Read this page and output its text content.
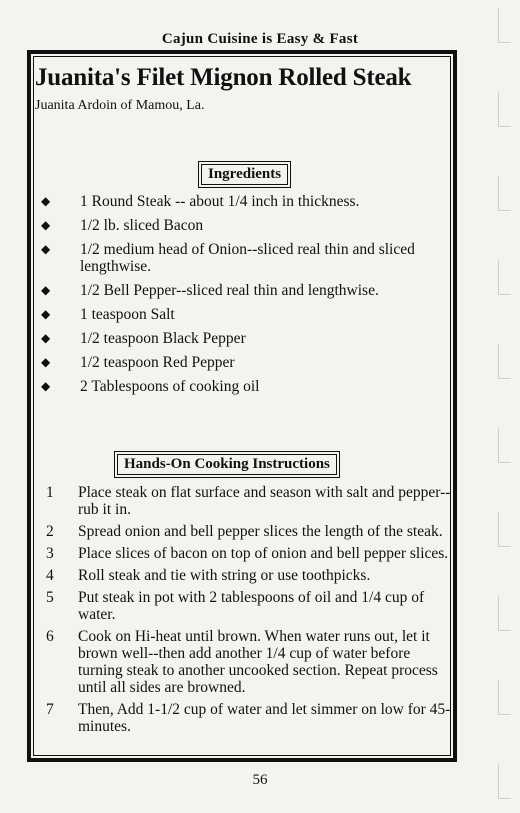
Cajun Cuisine is Easy & Fast
Juanita's Filet Mignon Rolled Steak
Juanita Ardoin of Mamou, La.
Ingredients
◆ 1 Round Steak -- about 1/4 inch in thickness.
◆ 1/2 lb. sliced Bacon
◆ 1/2 medium head of Onion--sliced real thin and sliced lengthwise.
◆ 1/2 Bell Pepper--sliced real thin and lengthwise.
◆ 1 teaspoon Salt
◆ 1/2 teaspoon Black Pepper
◆ 1/2 teaspoon Red Pepper
◆ 2 Tablespoons of cooking oil
Hands-On Cooking Instructions
1 Place steak on flat surface and season with salt and pepper--rub it in.
2 Spread onion and bell pepper slices the length of the steak.
3 Place slices of bacon on top of onion and bell pepper slices.
4 Roll steak and tie with string or use toothpicks.
5 Put steak in pot with 2 tablespoons of oil and 1/4 cup of water.
6 Cook on Hi-heat until brown. When water runs out, let it brown well--then add another 1/4 cup of water before turning steak to another uncooked section. Repeat process until all sides are browned.
7 Then, Add 1-1/2 cup of water and let simmer on low for 45-minutes.
56
